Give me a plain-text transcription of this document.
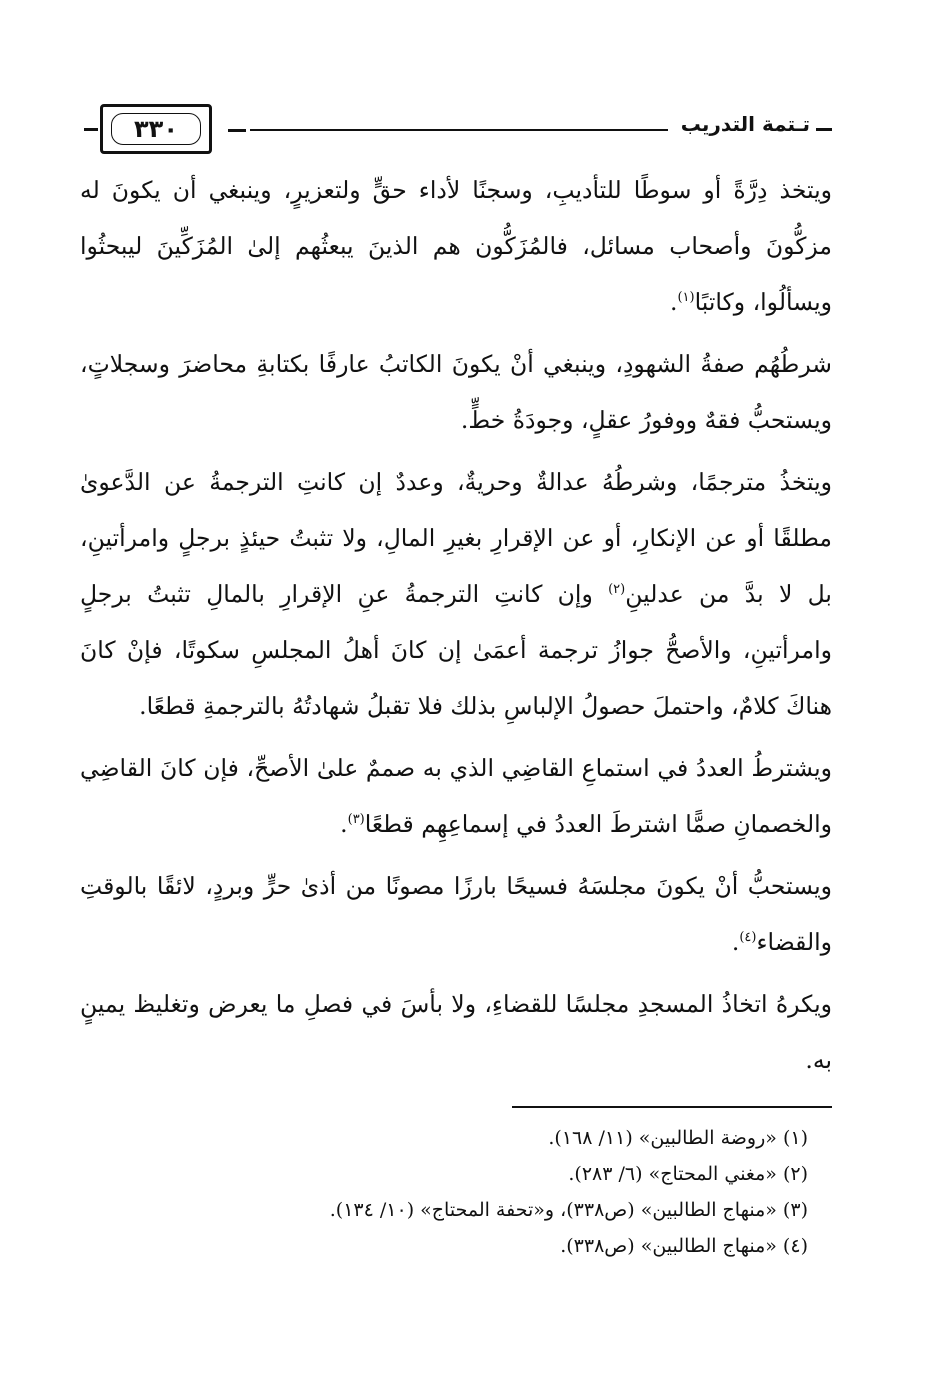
٣٣٠	تـتمة التدريب

ويتخذ دِرَّةً أو سوطًا للتأديبِ، وسجنًا لأداء حقٍّ ولتعزيرٍ، وينبغي أن يكونَ له مزكُّونَ وأصحاب مسائل، فالمُزَكُّون هم الذينَ يبعثُهم إلىٰ المُزَكِّينَ ليبحثُوا ويسألُوا، وكاتبًا$^{(١)}$.

شرطُهُم صفةُ الشهودِ، وينبغي أنْ يكونَ الكاتبُ عارفًا بكتابةِ محاضرَ وسجلاتٍ، ويستحبُّ فقهٌ ووفورُ عقلٍ، وجودَةُ خطٍّ.

ويتخذُ مترجمًا، وشرطُهُ عدالةٌ وحريةٌ، وعددٌ إن كانتِ الترجمةُ عن الدَّعوىٰ مطلقًا أو عن الإنكارِ، أو عن الإقرارِ بغيرِ المالِ، ولا تثبتُ حيئذٍ برجلٍ وامرأتينِ، بل لا بدَّ من عدلينِ$^{(٢)}$ وإن كانتِ الترجمةُ عنِ الإقرارِ بالمالِ تثبتُ برجلٍ وامرأتينِ، والأصحُّ جوازُ ترجمة أعمَىٰ إن كانَ أهلُ المجلسِ سكوتًا، فإنْ كانَ هناكَ كلامٌ، واحتملَ حصولُ الإلباسِ بذلك فلا تقبلُ شهادتُهُ بالترجمةِ قطعًا.

ويشترطُ العددُ في استماعِ القاضِي الذي به صممٌ علىٰ الأصحِّ، فإن كانَ القاضِي والخصمانِ صمًّا اشترطَ العددُ في إسماعِهِم قطعًا$^{(٣)}$.

ويستحبُّ أنْ يكونَ مجلسَهُ فسيحًا بارزًا مصونًا من أذىٰ حرٍّ وبردٍ، لائقًا بالوقتِ والقضاء$^{(٤)}$.

ويكرهُ اتخاذُ المسجدِ مجلسًا للقضاءِ، ولا بأسَ في فصلِ ما يعرض وتغليظ يمينٍ به.

(١) «روضة الطالبين» (١١/ ١٦٨).

(٢) «مغني المحتاج» (٦/ ٢٨٣).

(٣) «منهاج الطالبين» (ص٣٣٨)، و«تحفة المحتاج» (١٠/ ١٣٤).

(٤) «منهاج الطالبين» (ص٣٣٨).
